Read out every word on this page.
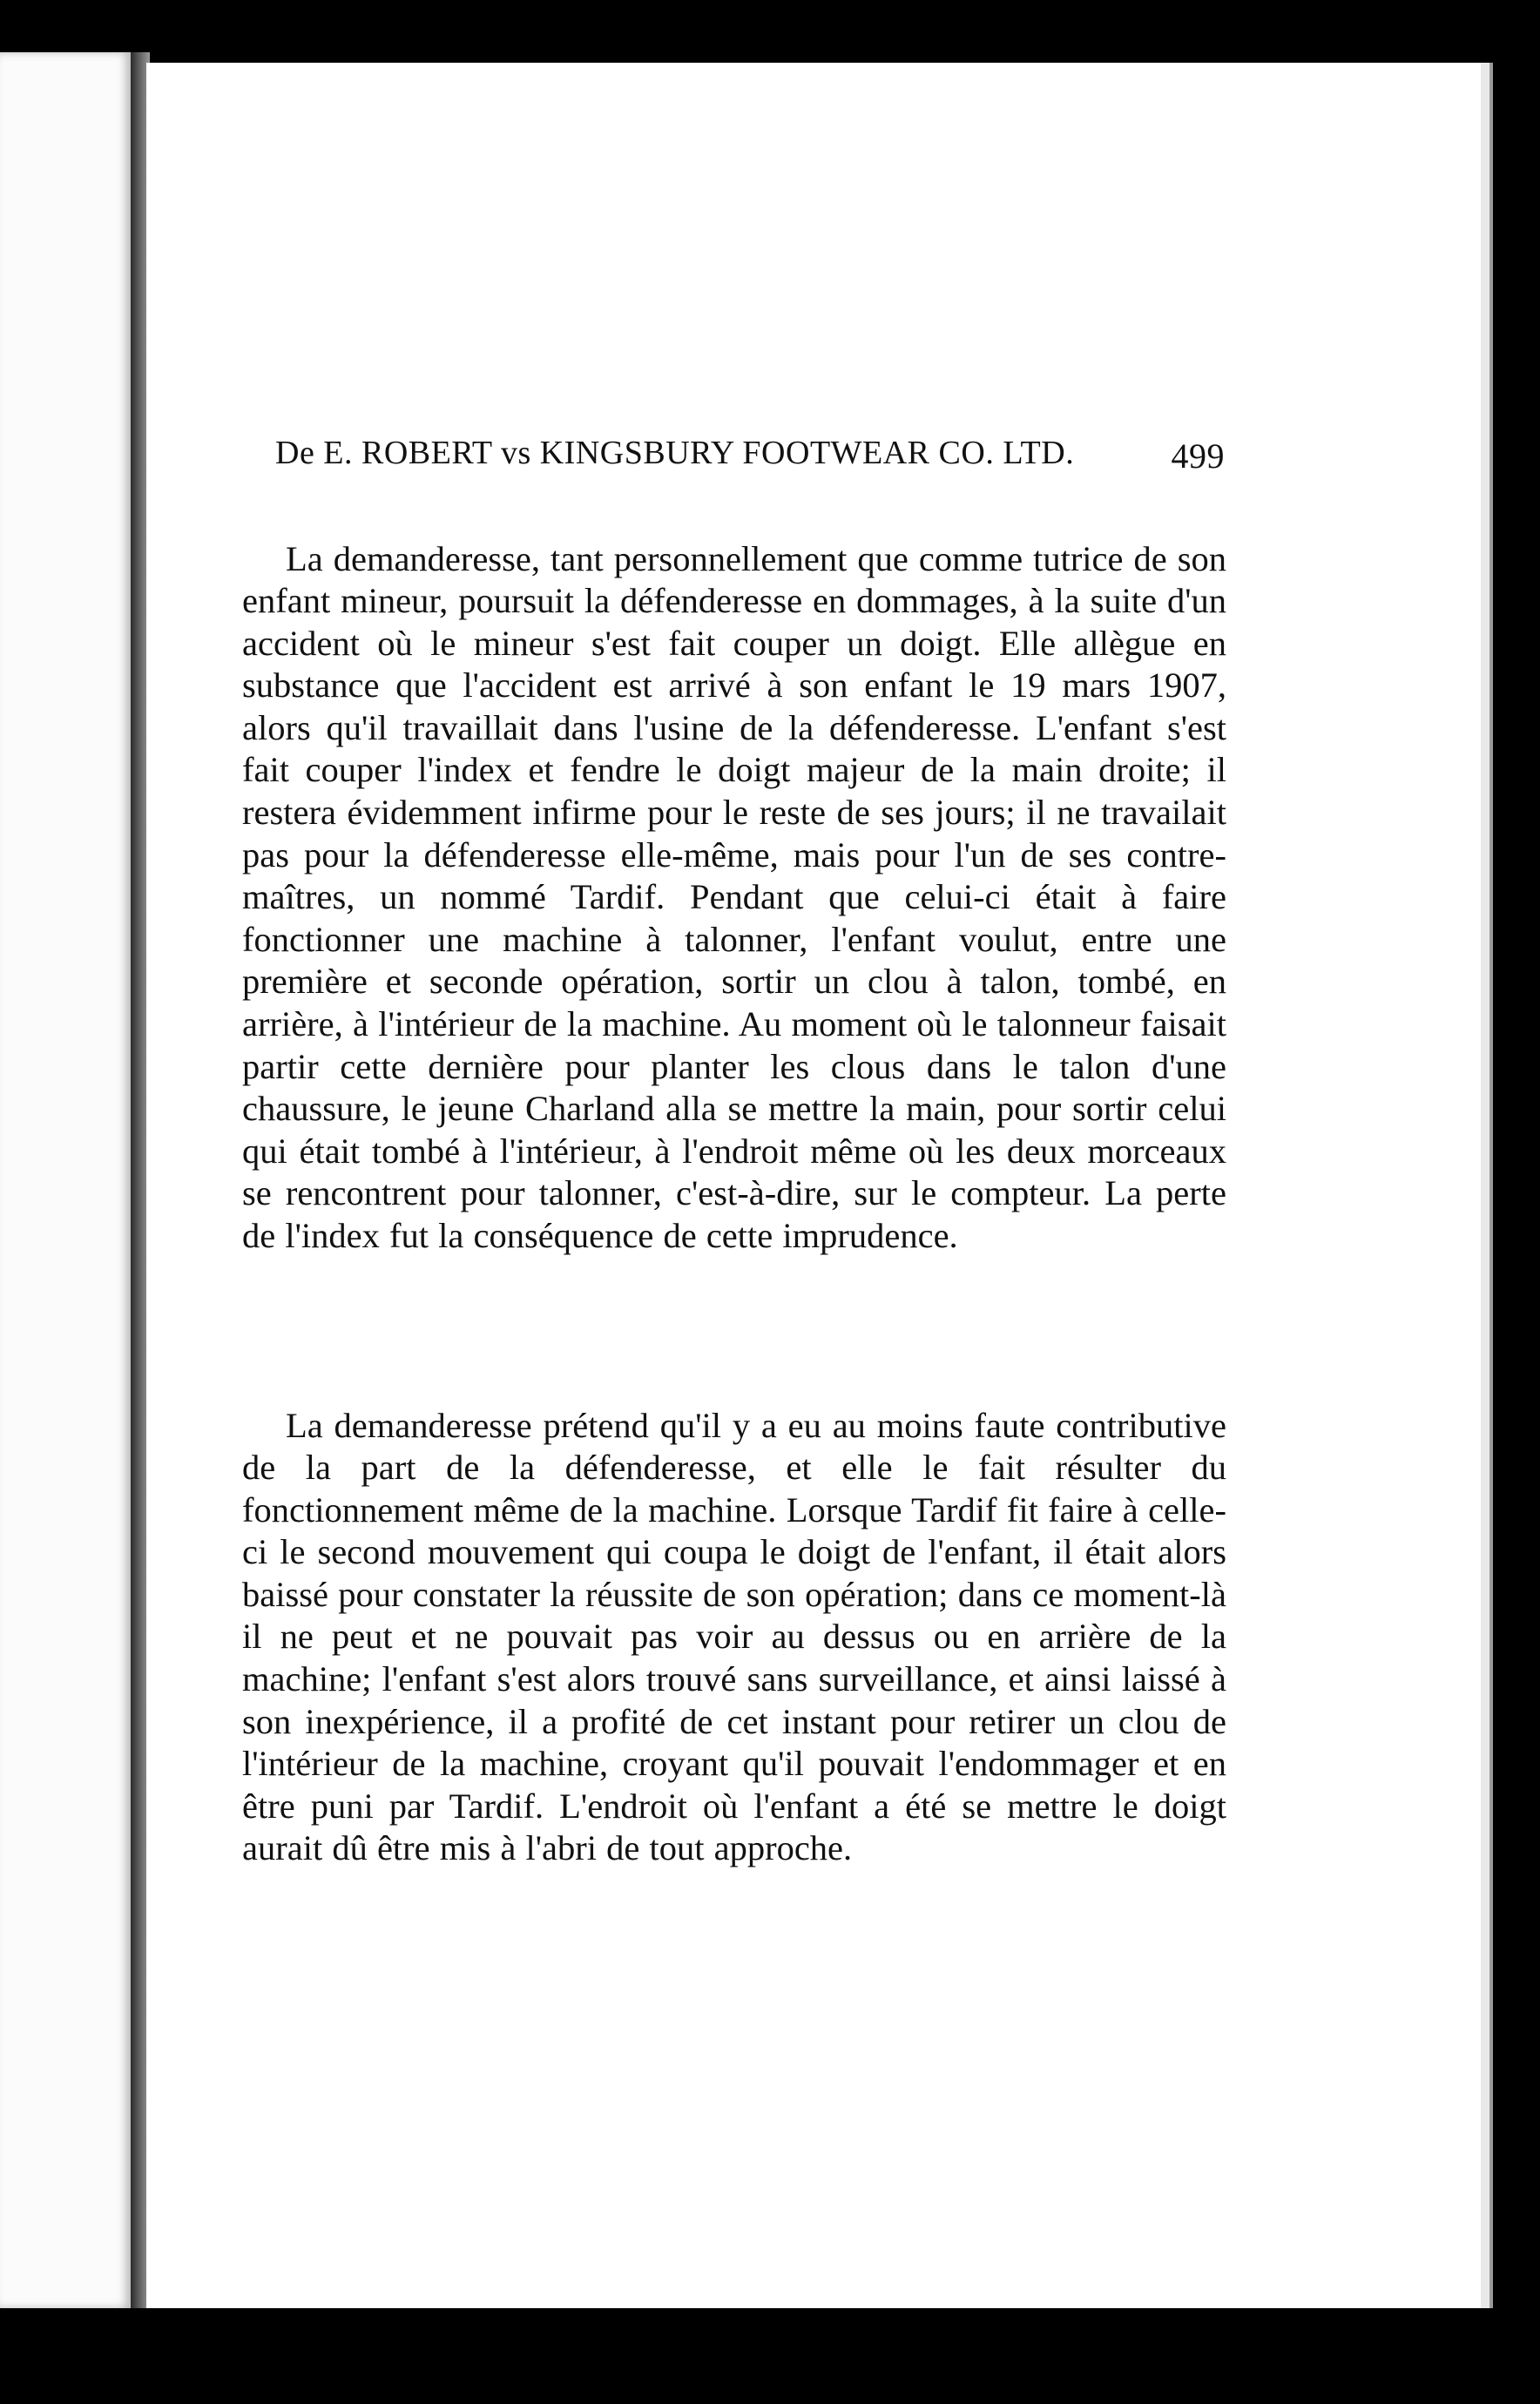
De E. ROBERT vs KINGSBURY FOOTWEAR CO. LTD.	499

La demanderesse, tant personnellement que comme tutrice de son enfant mineur, poursuit la défenderesse en dommages, à la suite d'un accident où le mineur s'est fait couper un doigt. Elle allègue en substance que l'accident est arrivé à son enfant le 19 mars 1907, alors qu'il travaillait dans l'usine de la défenderesse. L'enfant s'est fait couper l'index et fendre le doigt majeur de la main droite; il restera évidemment infirme pour le reste de ses jours; il ne travailait pas pour la défenderesse elle-même, mais pour l'un de ses contre-maîtres, un nommé Tardif. Pendant que celui-ci était à faire fonctionner une machine à talonner, l'enfant voulut, entre une première et seconde opération, sortir un clou à talon, tombé, en arrière, à l'intérieur de la machine. Au moment où le talonneur faisait partir cette dernière pour planter les clous dans le talon d'une chaussure, le jeune Charland alla se mettre la main, pour sortir celui qui était tombé à l'intérieur, à l'endroit même où les deux morceaux se rencontrent pour talonner, c'est-à-dire, sur le compteur. La perte de l'index fut la conséquence de cette imprudence.

La demanderesse prétend qu'il y a eu au moins faute contributive de la part de la défenderesse, et elle le fait résulter du fonctionnement même de la machine. Lorsque Tardif fit faire à celle-ci le second mouvement qui coupa le doigt de l'enfant, il était alors baissé pour constater la réussite de son opération; dans ce moment-là il ne peut et ne pouvait pas voir au dessus ou en arrière de la machine; l'enfant s'est alors trouvé sans surveillance, et ainsi laissé à son inexpérience, il a profité de cet instant pour retirer un clou de l'intérieur de la machine, croyant qu'il pouvait l'endommager et en être puni par Tardif. L'endroit où l'enfant a été se mettre le doigt aurait dû être mis à l'abri de tout approche.
